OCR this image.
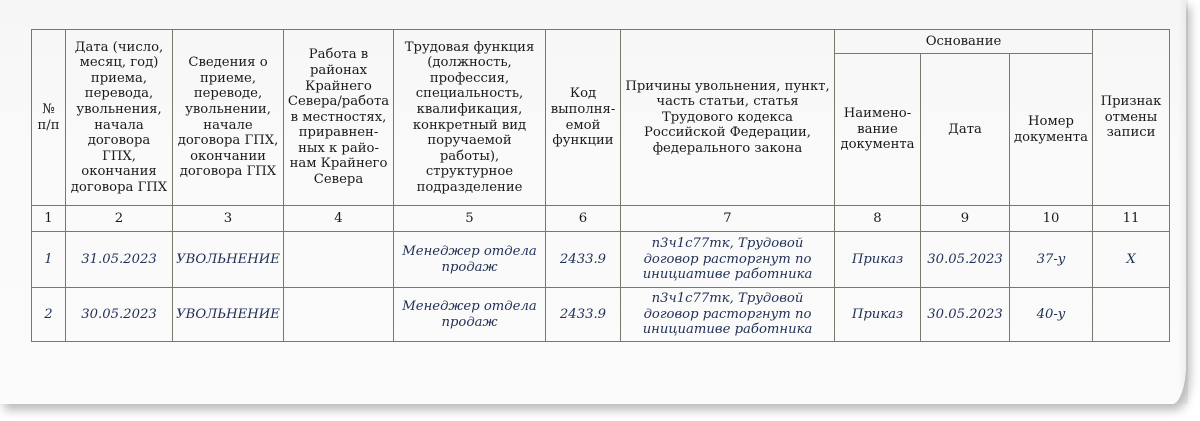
№ п/п	Дата (число, месяц, год) приема, перевода, увольнения, начала договора ГПХ, окончания договора ГПХ	Сведения о приеме, переводе, увольнении, начале договора ГПХ, окончании договора ГПХ	Работа в районах Крайнего Севера/работа в местностях, приравнен-ных к райо-нам Крайнего Севера	Трудовая функция (должность, профессия, специальность, квалификация, конкретный вид поручаемой работы), структурное подразделение	Код выполня-емой функции	Причины увольнения, пункт, часть статьи, статья Трудового кодекса Российской Федерации, федерального закона	Основание			Признак отмены записи
							Наимено-вание документа	Дата	Номер документа	
1	2	3	4	5	6	7	8	9	10	11
1	31.05.2023	УВОЛЬНЕНИЕ		Менеджер отдела продаж	2433.9	п3ч1с77тк, Трудовой договор расторгнут по инициативе работника	Приказ	30.05.2023	37-у	Х
2	30.05.2023	УВОЛЬНЕНИЕ		Менеджер отдела продаж	2433.9	п3ч1с77тк, Трудовой договор расторгнут по инициативе работника	Приказ	30.05.2023	40-у	
